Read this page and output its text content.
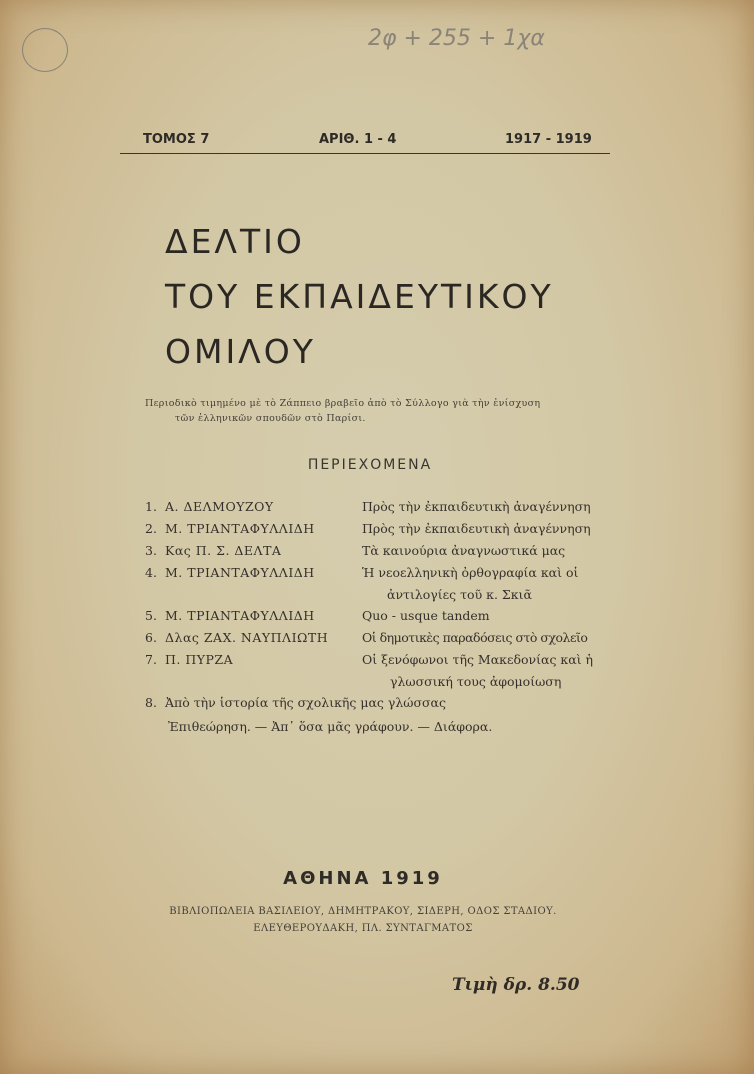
2φ + 255 + 1χα
ΤΟΜΟΣ 7	ΑΡΙΘ. 1 - 4	1917 - 1919
ΔΕΛΤΙΟ
ΤΟΥ ΕΚΠΑΙΔΕΥΤΙΚΟΥ
ΟΜΙΛΟΥ
Περιοδικὸ τιμημένο μὲ τὸ Ζάππειο βραβεῖο ἀπὸ τὸ Σύλλογο γιὰ τὴν ἐνίσχυση
τῶν ἑλληνικῶν σπουδῶν στὸ Παρίσι.
ΠΕΡΙΕΧΟΜΕΝΑ
1. Α. ΔΕΛΜΟΥΖΟΥ	Πρὸς τὴν ἐκπαιδευτικὴ ἀναγέννηση
2. Μ. ΤΡΙΑΝΤΑΦΥΛΛΙΔΗ	Πρὸς τὴν ἐκπαιδευτικὴ ἀναγέννηση
3. Κας Π. Σ. ΔΕΛΤΑ	Τὰ καινούρια ἀναγνωστικά μας
4. Μ. ΤΡΙΑΝΤΑΦΥΛΛΙΔΗ	Ἡ νεοελληνικὴ ὀρθογραφία καὶ οἱ
ἀντιλογίες τοῦ κ. Σκιᾶ
5. Μ. ΤΡΙΑΝΤΑΦΥΛΛΙΔΗ	Quo - usque tandem
6. Δλας ΖΑΧ. ΝΑΥΠΛΙΩΤΗ	Οἱ δημοτικὲς παραδόσεις στὸ σχολεῖο
7. Π. ΠΥΡΖΑ	Οἱ ξενόφωνοι τῆς Μακεδονίας καὶ ἡ
γλωσσική τους ἀφομοίωση
8. Ἀπὸ τὴν ἱστορία τῆς σχολικῆς μας γλώσσας
Ἐπιθεώρηση. — Ἀπ᾿ ὅσα μᾶς γράφουν. — Διάφορα.
ΑΘΗΝΑ 1919
ΒΙΒΛΙΟΠΩΛΕΙΑ ΒΑΣΙΛΕΙΟΥ, ΔΗΜΗΤΡΑΚΟΥ, ΣΙΔΕΡΗ, ΟΔΟΣ ΣΤΑΔΙΟΥ.
ΕΛΕΥΘΕΡΟΥΔΑΚΗ, ΠΛ. ΣΥΝΤΑΓΜΑΤΟΣ
Τιμὴ δρ. 8.50
